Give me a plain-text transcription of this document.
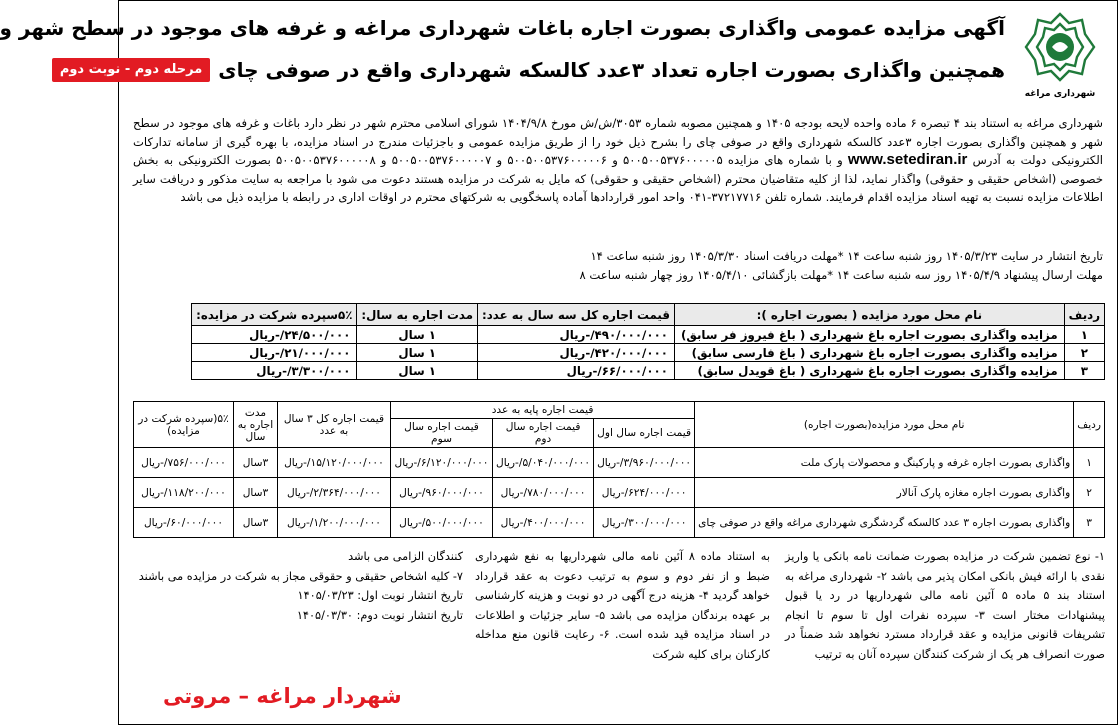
شهرداری مراغه
آگهی مزایده عمومی واگذاری بصورت اجاره باغات شهرداری مراغه و غرفه های موجود در سطح شهر و
همچنین واگذاری بصورت اجاره تعداد ۳عدد کالسکه شهرداری واقع در صوفی چای
مرحله دوم - نوبت دوم

شهرداری مراغه به استناد بند ۴ تبصره ۶ ماده واحده لایحه بودجه ۱۴۰۵ و همچنین مصوبه شماره ۳۰۵۳/ش/ش مورخ ۱۴۰۴/۹/۸ شورای اسلامی محترم شهر در نظر دارد باغات و غرفه های موجود در سطح شهر و همچنین واگذاری بصورت اجاره ۳عدد کالسکه شهرداری واقع در صوفی چای را بشرح ذیل خود را از طریق مزایده عمومی و باجزئیات مندرج در اسناد مزایده، با بهره گیری از سامانه تدارکات الکترونیکی دولت به آدرس www.setediran.ir و با شماره های مزایده ۵۰۰۵۰۰۵۳۷۶۰۰۰۰۰۵ و ۵۰۰۵۰۰۵۳۷۶۰۰۰۰۰۶ و ۵۰۰۵۰۰۵۳۷۶۰۰۰۰۰۷ و ۵۰۰۵۰۰۵۳۷۶۰۰۰۰۰۸ بصورت الکترونیکی به بخش خصوصی (اشخاص حقیقی و حقوقی) واگذار نماید، لذا از کلیه متقاضیان محترم (اشخاص حقیقی و حقوقی) که مایل به شرکت در مزایده هستند دعوت می شود با مراجعه به سایت مذکور و دریافت سایر اطلاعات مزایده نسبت به تهیه اسناد مزایده اقدام فرمایند. شماره تلفن ۳۷۲۱۷۷۱۶-۰۴۱ واحد امور قراردادها آماده پاسخگویی به شرکتهای محترم در اوقات اداری در رابطه با مزایده ذیل می باشد

تاریخ انتشار در سایت ۱۴۰۵/۳/۲۳ روز شنبه ساعت ۱۴ *مهلت دریافت اسناد ۱۴۰۵/۳/۳۰ روز شنبه ساعت ۱۴
مهلت ارسال پیشنهاد ۱۴۰۵/۴/۹ روز سه شنبه ساعت ۱۴ *مهلت بازگشائی ۱۴۰۵/۴/۱۰ روز چهار شنبه ساعت ۸
ردیف	نام محل مورد مزایده ( بصورت اجاره ):	قیمت اجاره کل سه سال به عدد:	مدت اجاره به سال:	۵٪سپرده شرکت در مزایده:
۱	مزایده واگذاری بصورت اجاره باغ شهرداری ( باغ فیروز فر سابق)	۴۹۰/۰۰۰/۰۰۰/-ریال	۱ سال	۲۴/۵۰۰/۰۰۰/-ریال
۲	مزایده واگذاری بصورت اجاره باغ شهرداری ( باغ فارسی سابق)	۴۲۰/۰۰۰/۰۰۰/-ریال	۱ سال	۲۱/۰۰۰/۰۰۰/-ریال
۳	مزایده واگذاری بصورت اجاره باغ شهرداری ( باغ قویدل سابق)	۶۶/۰۰۰/۰۰۰/-ریال	۱ سال	۳/۳۰۰/۰۰۰/-ریال
ردیف	نام محل مورد مزایده(بصورت اجاره)	قیمت اجاره پایه به عدد			قیمت اجاره کل ۳ سال به عدد	مدت اجاره به سال	۵٪(سپرده شرکت در مزایده)
		قیمت اجاره سال اول	قیمت اجاره سال دوم	قیمت اجاره سال سوم			
۱	واگذاری بصورت اجاره غرفه و پارکینگ و محصولات پارک ملت	۳/۹۶۰/۰۰۰/۰۰۰/-ریال	۵/۰۴۰/۰۰۰/۰۰۰/-ریال	۶/۱۲۰/۰۰۰/۰۰۰/-ریال	۱۵/۱۲۰/۰۰۰/۰۰۰/-ریال	۳سال	۷۵۶/۰۰۰/۰۰۰/-ریال
۲	واگذاری بصورت اجاره مغازه پارک آنالار	۶۲۴/۰۰۰/۰۰۰/-ریال	۷۸۰/۰۰۰/۰۰۰/-ریال	۹۶۰/۰۰۰/۰۰۰/-ریال	۲/۳۶۴/۰۰۰/۰۰۰/-ریال	۳سال	۱۱۸/۲۰۰/۰۰۰/-ریال
۳	واگذاری بصورت اجاره ۳ عدد کالسکه گردشگری شهرداری مراغه واقع در صوفی چای	۳۰۰/۰۰۰/۰۰۰/-ریال	۴۰۰/۰۰۰/۰۰۰/-ریال	۵۰۰/۰۰۰/۰۰۰/-ریال	۱/۲۰۰/۰۰۰/۰۰۰/-ریال	۳سال	۶۰/۰۰۰/۰۰۰/-ریال
۱- نوع تضمین شرکت در مزایده بصورت ضمانت نامه بانکی یا واریز نقدی با ارائه فیش بانکی امکان پذیر می باشد ۲- شهرداری مراغه به استناد بند ۵ ماده ۵ آئین نامه مالی شهرداریها در رد یا قبول پیشنهادات مختار است ۳- سپرده نفرات اول تا سوم تا انجام تشریفات قانونی مزایده و عقد قرارداد مسترد نخواهد شد ضمناً در صورت انصراف هر یک از شرکت کنندگان سپرده آنان به ترتیب
به استناد ماده ۸ آئین نامه مالی شهرداریها به نفع شهرداری ضبط و از نفر دوم و سوم به ترتیب دعوت به عقد قرارداد خواهد گردید ۴- هزینه درج آگهی در دو نوبت و هزینه کارشناسی بر عهده برندگان مزایده می باشد ۵- سایر جزئیات و اطلاعات در اسناد مزایده قید شده است. ۶- رعایت قانون منع مداخله کارکنان برای کلیه شرکت
کنندگان الزامی می باشد
۷- کلیه اشخاص حقیقی و حقوقی مجاز به شرکت در مزایده می باشند
تاریخ انتشار نوبت اول: ۱۴۰۵/۰۳/۲۳
تاریخ انتشار نوبت دوم: ۱۴۰۵/۰۳/۳۰
شهردار مراغه – مروتی
